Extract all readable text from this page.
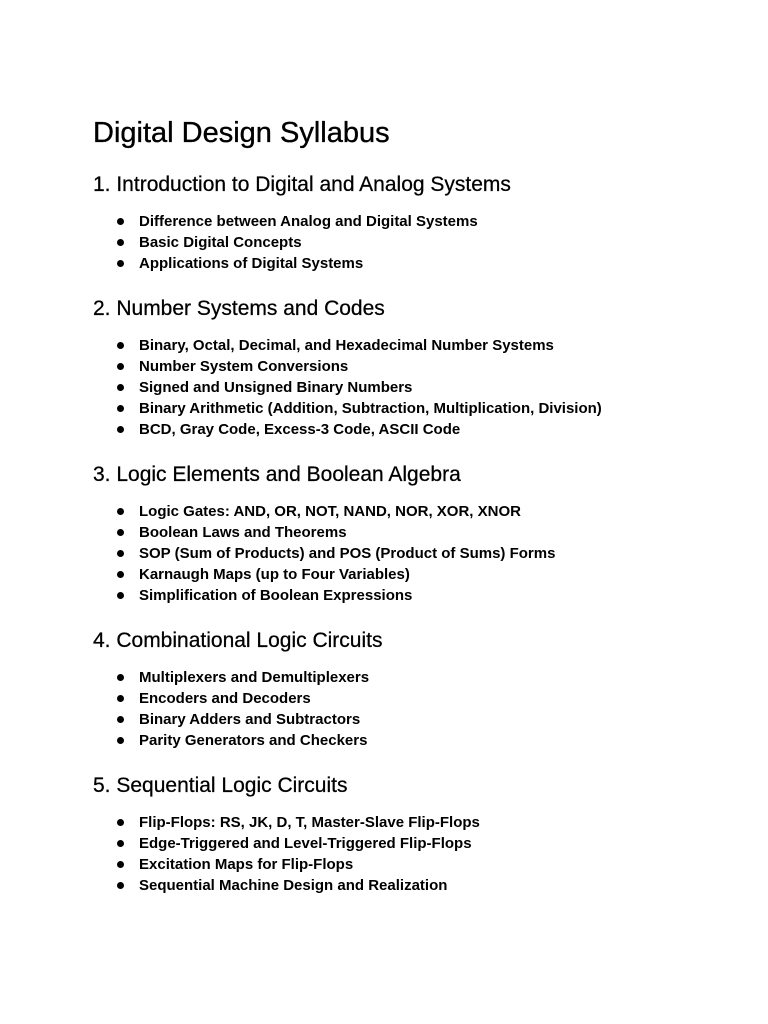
Digital Design Syllabus
1. Introduction to Digital and Analog Systems
Difference between Analog and Digital Systems
Basic Digital Concepts
Applications of Digital Systems
2. Number Systems and Codes
Binary, Octal, Decimal, and Hexadecimal Number Systems
Number System Conversions
Signed and Unsigned Binary Numbers
Binary Arithmetic (Addition, Subtraction, Multiplication, Division)
BCD, Gray Code, Excess-3 Code, ASCII Code
3. Logic Elements and Boolean Algebra
Logic Gates: AND, OR, NOT, NAND, NOR, XOR, XNOR
Boolean Laws and Theorems
SOP (Sum of Products) and POS (Product of Sums) Forms
Karnaugh Maps (up to Four Variables)
Simplification of Boolean Expressions
4. Combinational Logic Circuits
Multiplexers and Demultiplexers
Encoders and Decoders
Binary Adders and Subtractors
Parity Generators and Checkers
5. Sequential Logic Circuits
Flip-Flops: RS, JK, D, T, Master-Slave Flip-Flops
Edge-Triggered and Level-Triggered Flip-Flops
Excitation Maps for Flip-Flops
Sequential Machine Design and Realization
